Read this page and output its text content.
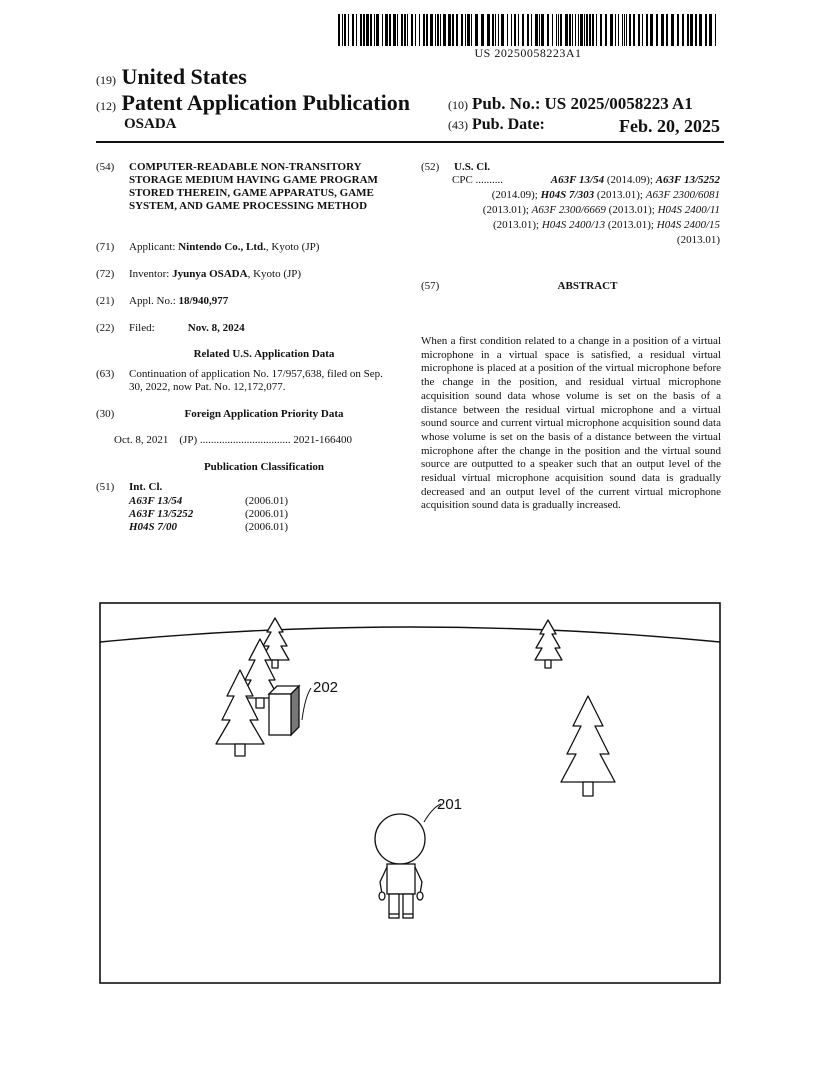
US 20250058223A1
(19) United States
(12) Patent Application Publication
OSADA
(10) Pub. No.: US 2025/0058223 A1
(43) Pub. Date:	Feb. 20, 2025
(54) COMPUTER-READABLE NON-TRANSITORY STORAGE MEDIUM HAVING GAME PROGRAM STORED THEREIN, GAME APPARATUS, GAME SYSTEM, AND GAME PROCESSING METHOD
(71) Applicant: Nintendo Co., Ltd., Kyoto (JP)
(72) Inventor: Jyunya OSADA, Kyoto (JP)
(21) Appl. No.: 18/940,977
(22) Filed:	Nov. 8, 2024
Related U.S. Application Data
(63) Continuation of application No. 17/957,638, filed on Sep. 30, 2022, now Pat. No. 12,172,077.
(30)	Foreign Application Priority Data
Oct. 8, 2021 (JP) ................................. 2021-166400
Publication Classification
(51) Int. Cl.
A63F 13/54	(2006.01)
A63F 13/5252	(2006.01)
H04S 7/00	(2006.01)
(52) U.S. Cl.
CPC ..........	A63F 13/54 (2014.09); A63F 13/5252 (2014.09); H04S 7/303 (2013.01); A63F 2300/6081 (2013.01); A63F 2300/6669 (2013.01); H04S 2400/11 (2013.01); H04S 2400/13 (2013.01); H04S 2400/15 (2013.01)
(57)	ABSTRACT
When a first condition related to a change in a position of a virtual microphone in a virtual space is satisfied, a residual virtual microphone is placed at a position of the virtual microphone before the change in the position, and residual virtual microphone acquisition sound data whose volume is set on the basis of a distance between the residual virtual microphone and a virtual sound source and current virtual microphone acquisition sound data whose volume is set on the basis of a distance between the virtual microphone after the change in the position and the virtual sound source are outputted to a speaker such that an output level of the residual virtual microphone acquisition sound data is gradually decreased and an output level of the current virtual microphone acquisition sound data is gradually increased.
202
201
